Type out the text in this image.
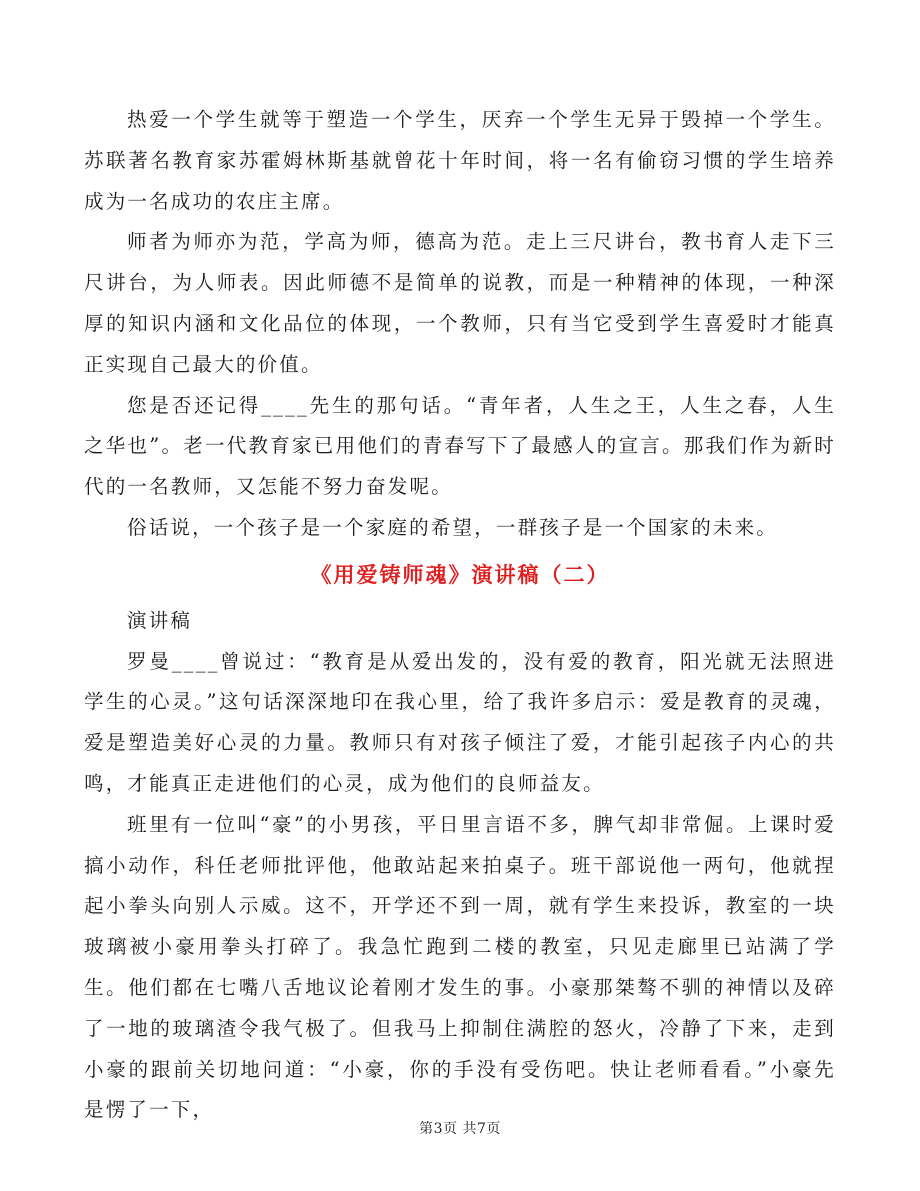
热爱一个学生就等于塑造一个学生，厌弃一个学生无异于毁掉一个学生。苏联著名教育家苏霍姆林斯基就曾花十年时间，将一名有偷窃习惯的学生培养成为一名成功的农庄主席。

师者为师亦为范，学高为师，德高为范。走上三尺讲台，教书育人走下三尺讲台，为人师表。因此师德不是简单的说教，而是一种精神的体现，一种深厚的知识内涵和文化品位的体现，一个教师，只有当它受到学生喜爱时才能真正实现自己最大的价值。

您是否还记得____先生的那句话。“青年者，人生之王，人生之春，人生之华也”。老一代教育家已用他们的青春写下了最感人的宣言。那我们作为新时代的一名教师，又怎能不努力奋发呢。

俗话说，一个孩子是一个家庭的希望，一群孩子是一个国家的未来。

《用爱铸师魂》演讲稿（二）

演讲稿

罗曼____曾说过：“教育是从爱出发的，没有爱的教育，阳光就无法照进学生的心灵。”这句话深深地印在我心里，给了我许多启示：爱是教育的灵魂，爱是塑造美好心灵的力量。教师只有对孩子倾注了爱，才能引起孩子内心的共鸣，才能真正走进他们的心灵，成为他们的良师益友。

班里有一位叫“豪”的小男孩，平日里言语不多，脾气却非常倔。上课时爱搞小动作，科任老师批评他，他敢站起来拍桌子。班干部说他一两句，他就捏起小拳头向别人示威。这不，开学还不到一周，就有学生来投诉，教室的一块玻璃被小豪用拳头打碎了。我急忙跑到二楼的教室，只见走廊里已站满了学生。他们都在七嘴八舌地议论着刚才发生的事。小豪那桀骜不驯的神情以及碎了一地的玻璃渣令我气极了。但我马上抑制住满腔的怒火，冷静了下来，走到小豪的跟前关切地问道：“小豪，你的手没有受伤吧。快让老师看看。”小豪先是愣了一下，

第3页 共7页
